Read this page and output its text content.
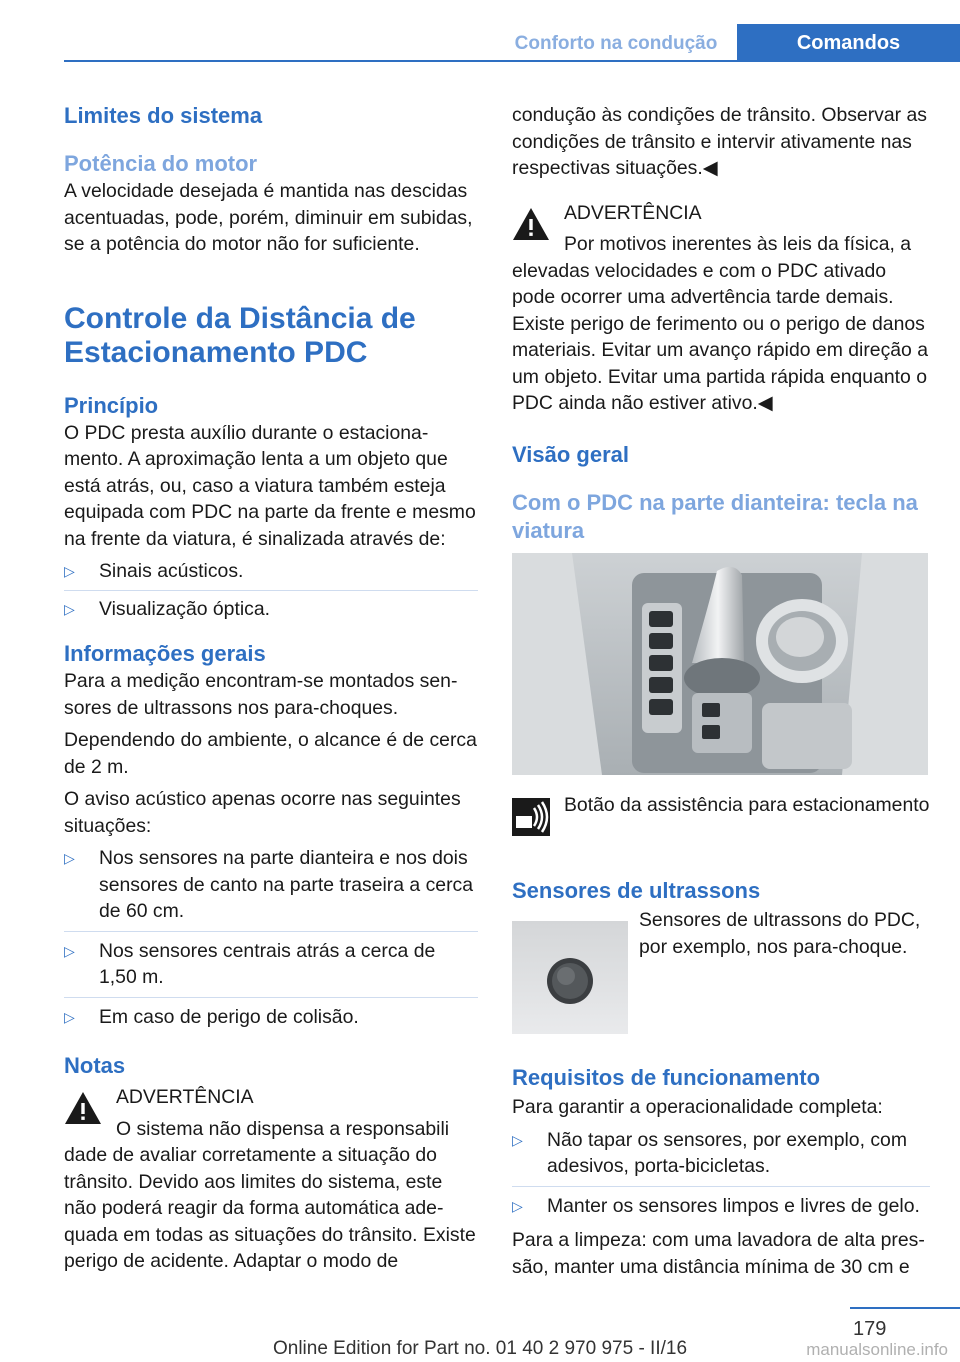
Conforto na condução	Comandos
Limites do sistema
Potência do motor

A velocidade desejada é mantida nas descidas acentuadas, pode, porém, diminuir em subidas, se a potência do motor não for suficiente.

Controle da Distância de
Estacionamento PDC
Princípio

O PDC presta auxílio durante o estacionamento. A aproximação lenta a um objeto que está atrás, ou, caso a viatura também esteja equipada com PDC na parte da frente e mesmo na frente da viatura, é sinalizada através de:

▷ Sinais acústicos.
▷ Visualização óptica.
Informações gerais

Para a medição encontram-se montados sensores de ultrassons nos para-choques.

Dependendo do ambiente, o alcance é de cerca de 2 m.

O aviso acústico apenas ocorre nas seguintes situações:

▷ Nos sensores na parte dianteira e nos dois sensores de canto na parte traseira a cerca de 60 cm.
▷ Nos sensores centrais atrás a cerca de 1,50 m.
▷ Em caso de perigo de colisão.
Notas

ADVERTÊNCIA

O sistema não dispensa a responsabili

dade de avaliar corretamente a situação do trânsito. Devido aos limites do sistema, este não poderá reagir da forma automática adequada em todas as situações do trânsito. Existe perigo de acidente. Adaptar o modo de

condução às condições de trânsito. Observar as condições de trânsito e intervir ativamente nas respectivas situações.◀

ADVERTÊNCIA

Por motivos inerentes às leis da física, a

elevadas velocidades e com o PDC ativado pode ocorrer uma advertência tarde demais. Existe perigo de ferimento ou o perigo de danos materiais. Evitar um avanço rápido em direção a um objeto. Evitar uma partida rápida enquanto o PDC ainda não estiver ativo.◀

Visão geral
Com o PDC na parte dianteira: tecla na viatura

Botão da assistência para estacionamento

Sensores de ultrassons

Sensores de ultrassons do PDC, por exemplo, nos para-choque.

Requisitos de funcionamento

Para garantir a operacionalidade completa:

▷ Não tapar os sensores, por exemplo, com adesivos, porta-bicicletas.
▷ Manter os sensores limpos e livres de gelo.

Para a limpeza: com uma lavadora de alta pressão, manter uma distância mínima de 30 cm e

179
Online Edition for Part no. 01 40 2 970 975 - II/16	manualsonline.info
